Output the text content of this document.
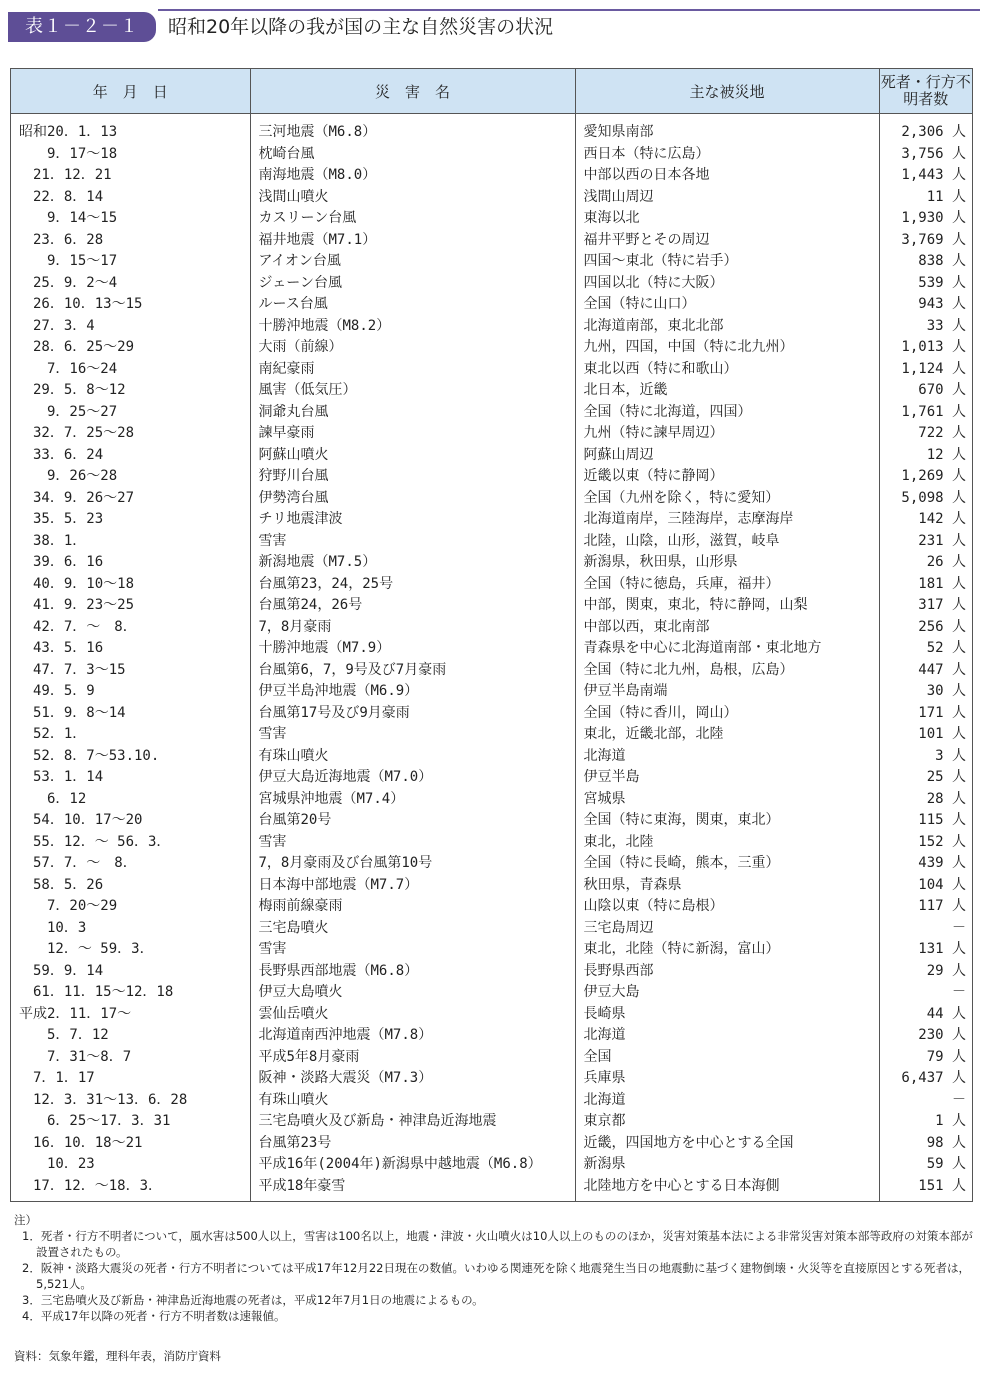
表１－２－１	昭和20年以降の我が国の主な自然災害の状況
年　月　日	災　害　名	主な被災地	死者・行方不明者数
昭和20．1．13	三河地震（M6.8）	愛知県南部	2,306 人
　　9．17～18	枕崎台風	西日本（特に広島）	3,756 人
　21．12．21	南海地震（M8.0）	中部以西の日本各地	1,443 人
　22．8．14	浅間山噴火	浅間山周辺	11 人
　　9．14～15	カスリーン台風	東海以北	1,930 人
　23．6．28	福井地震（M7.1）	福井平野とその周辺	3,769 人
　　9．15～17	アイオン台風	四国～東北（特に岩手）	838 人
　25．9．2～4	ジェーン台風	四国以北（特に大阪）	539 人
　26．10．13～15	ルース台風	全国（特に山口）	943 人
　27．3．4	十勝沖地震（M8.2）	北海道南部，東北北部	33 人
　28．6．25～29	大雨（前線）	九州，四国，中国（特に北九州）	1,013 人
　　7．16～24	南紀豪雨	東北以西（特に和歌山）	1,124 人
　29．5．8～12	風害（低気圧）	北日本，近畿	670 人
　　9．25～27	洞爺丸台風	全国（特に北海道，四国）	1,761 人
　32．7．25～28	諫早豪雨	九州（特に諫早周辺）	722 人
　33．6．24	阿蘇山噴火	阿蘇山周辺	12 人
　　9．26～28	狩野川台風	近畿以東（特に静岡）	1,269 人
　34．9．26～27	伊勢湾台風	全国（九州を除く，特に愛知）	5,098 人
　35．5．23	チリ地震津波	北海道南岸，三陸海岸，志摩海岸	142 人
　38．1．	雪害	北陸，山陰，山形，滋賀，岐阜	231 人
　39．6．16	新潟地震（M7.5）	新潟県，秋田県，山形県	26 人
　40．9．10～18	台風第23，24，25号	全国（特に徳島，兵庫，福井）	181 人
　41．9．23～25	台風第24，26号	中部，関東，東北，特に静岡，山梨	317 人
　42．7．～　8．	7，8月豪雨	中部以西，東北南部	256 人
　43．5．16	十勝沖地震（M7.9）	青森県を中心に北海道南部・東北地方	52 人
　47．7．3～15	台風第6，7，9号及び7月豪雨	全国（特に北九州，島根，広島）	447 人
　49．5．9	伊豆半島沖地震（M6.9）	伊豆半島南端	30 人
　51．9．8～14	台風第17号及び9月豪雨	全国（特に香川，岡山）	171 人
　52．1．	雪害	東北，近畿北部，北陸	101 人
　52．8．7～53.10.	有珠山噴火	北海道	3 人
　53．1．14	伊豆大島近海地震（M7.0）	伊豆半島	25 人
　　6．12	宮城県沖地震（M7.4）	宮城県	28 人
　54．10．17～20	台風第20号	全国（特に東海，関東，東北）	115 人
　55．12．～ 56．3．	雪害	東北，北陸	152 人
　57．7．～　8．	7，8月豪雨及び台風第10号	全国（特に長崎，熊本，三重）	439 人
　58．5．26	日本海中部地震（M7.7）	秋田県，青森県	104 人
　　7．20～29	梅雨前線豪雨	山陰以東（特に島根）	117 人
　　10．3	三宅島噴火	三宅島周辺	－
　　12．～ 59．3．	雪害	東北，北陸（特に新潟，富山）	131 人
　59．9．14	長野県西部地震（M6.8）	長野県西部	29 人
　61．11．15～12．18	伊豆大島噴火	伊豆大島	－
平成2．11．17～	雲仙岳噴火	長崎県	44 人
　　5．7．12	北海道南西沖地震（M7.8）	北海道	230 人
　　7．31～8．7	平成5年8月豪雨	全国	79 人
　7．1．17	阪神・淡路大震災（M7.3）	兵庫県	6,437 人
　12．3．31～13．6．28	有珠山噴火	北海道	－
　　6．25～17．3．31	三宅島噴火及び新島・神津島近海地震	東京都	1 人
　16．10．18～21	台風第23号	近畿，四国地方を中心とする全国	98 人
　　10．23	平成16年(2004年)新潟県中越地震（M6.8）	新潟県	59 人
　17．12．～18．3．	平成18年豪雪	北陸地方を中心とする日本海側	151 人
注）
1．死者・行方不明者について，風水害は500人以上，雪害は100名以上，地震・津波・火山噴火は10人以上のもののほか，災害対策基本法による非常災害対策本部等政府の対策本部が設置されたもの。
2．阪神・淡路大震災の死者・行方不明者については平成17年12月22日現在の数値。いわゆる関連死を除く地震発生当日の地震動に基づく建物倒壊・火災等を直接原因とする死者は，5,521人。
3．三宅島噴火及び新島・神津島近海地震の死者は，平成12年7月1日の地震によるもの。
4．平成17年以降の死者・行方不明者数は速報値。
資料：気象年鑑，理科年表，消防庁資料
